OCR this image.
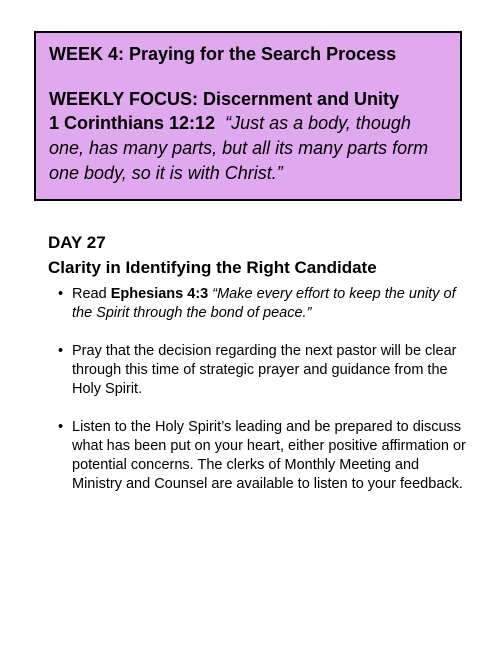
WEEK 4: Praying for the Search Process

WEEKLY FOCUS: Discernment and Unity

1 Corinthians 12:12 “Just as a body, though one, has many parts, but all its many parts form one body, so it is with Christ.”

DAY 27

Clarity in Identifying the Right Candidate

• Read Ephesians 4:3 “Make every effort to keep the unity of the Spirit through the bond of peace.”
• Pray that the decision regarding the next pastor will be clear through this time of strategic prayer and guidance from the Holy Spirit.
• Listen to the Holy Spirit’s leading and be prepared to discuss what has been put on your heart, either positive affirmation or potential concerns. The clerks of Monthly Meeting and Ministry and Counsel are available to listen to your feedback.
